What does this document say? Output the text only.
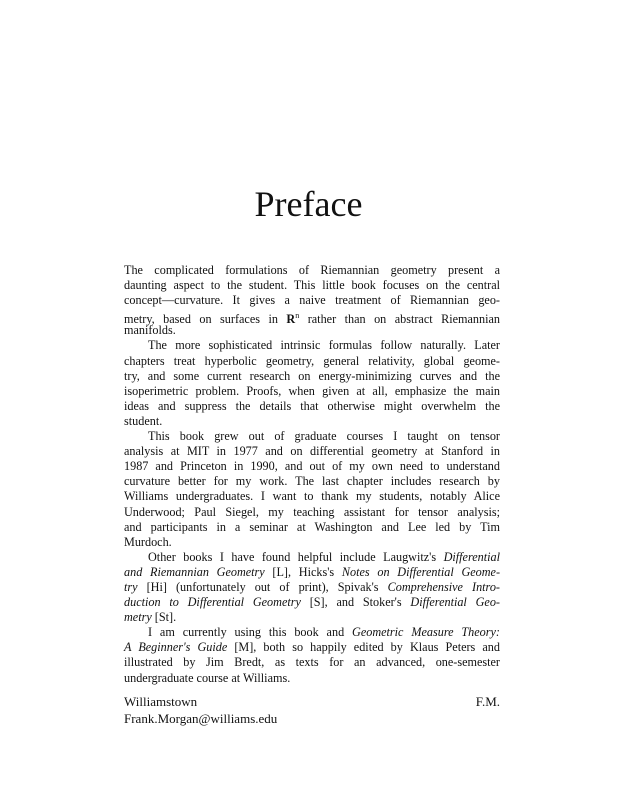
Preface
The complicated formulations of Riemannian geometry present a
daunting aspect to the student. This little book focuses on the central
concept—curvature. It gives a naive treatment of Riemannian geo-
metry, based on surfaces in $R^n$ rather than on abstract Riemannian
manifolds.
The more sophisticated intrinsic formulas follow naturally. Later
chapters treat hyperbolic geometry, general relativity, global geome-
try, and some current research on energy-minimizing curves and the
isoperimetric problem. Proofs, when given at all, emphasize the main
ideas and suppress the details that otherwise might overwhelm the
student.
This book grew out of graduate courses I taught on tensor
analysis at MIT in 1977 and on differential geometry at Stanford in
1987 and Princeton in 1990, and out of my own need to understand
curvature better for my work. The last chapter includes research by
Williams undergraduates. I want to thank my students, notably Alice
Underwood; Paul Siegel, my teaching assistant for tensor analysis;
and participants in a seminar at Washington and Lee led by Tim
Murdoch.
Other books I have found helpful include Laugwitz's Differential
and Riemannian Geometry [L], Hicks's Notes on Differential Geome-
try [Hi] (unfortunately out of print), Spivak's Comprehensive Intro-
duction to Differential Geometry [S], and Stoker's Differential Geo-
metry [St].
I am currently using this book and Geometric Measure Theory:
A Beginner's Guide [M], both so happily edited by Klaus Peters and
illustrated by Jim Bredt, as texts for an advanced, one-semester
undergraduate course at Williams.
Williamstown	F.M.
Frank.Morgan@williams.edu
